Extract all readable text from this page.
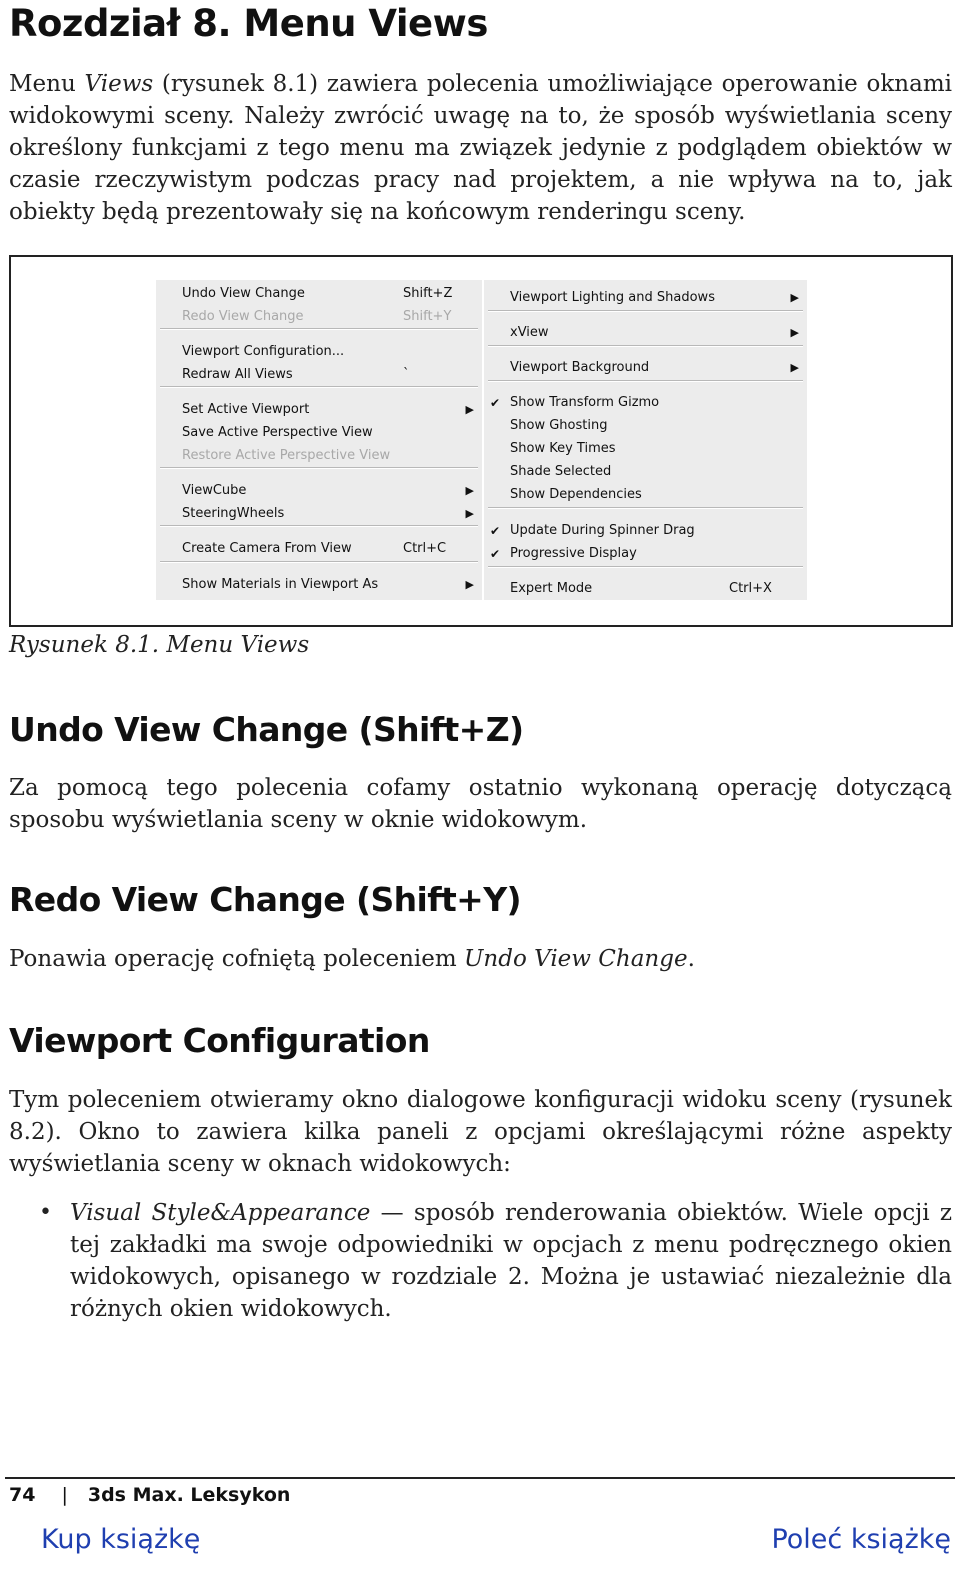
Rozdział 8. Menu Views

Menu Views (rysunek 8.1) zawiera polecenia umożliwiające operowanie oknami widokowymi sceny. Należy zwrócić uwagę na to, że sposób wyświetlania sceny określony funkcjami z tego menu ma związek jedynie z podglądem obiektów w czasie rzeczywistym podczas pracy nad projektem, a nie wpływa na to, jak obiekty będą prezentowały się na końcowym renderingu sceny.

Undo View Change	Shift+Z
Redo View Change	Shift+Y
Viewport Configuration...
Redraw All Views	`
Set Active Viewport	▶
Save Active Perspective View
Restore Active Perspective View
ViewCube	▶
SteeringWheels	▶
Create Camera From View	Ctrl+C
Show Materials in Viewport As	▶
Viewport Lighting and Shadows	▶
xView	▶
Viewport Background	▶
✔ Show Transform Gizmo
Show Ghosting
Show Key Times
Shade Selected
Show Dependencies
✔ Update During Spinner Drag
✔ Progressive Display
Expert Mode	Ctrl+X
Rysunek 8.1. Menu Views
Undo View Change (Shift+Z)

Za pomocą tego polecenia cofamy ostatnio wykonaną operację dotyczącą sposobu wyświetlania sceny w oknie widokowym.

Redo View Change (Shift+Y)

Ponawia operację cofniętą poleceniem Undo View Change.

Viewport Configuration

Tym poleceniem otwieramy okno dialogowe konfiguracji widoku sceny (rysunek 8.2). Okno to zawiera kilka paneli z opcjami określającymi różne aspekty wyświetlania sceny w oknach widokowych:

• Visual Style&Appearance — sposób renderowania obiektów. Wiele opcji z tej zakładki ma swoje odpowiedniki w opcjach z menu podręcznego okien widokowych, opisanego w rozdziale 2. Można je ustawiać niezależnie dla różnych okien widokowych.
74 | 3ds Max. Leksykon
Kup książkę	Poleć książkę
